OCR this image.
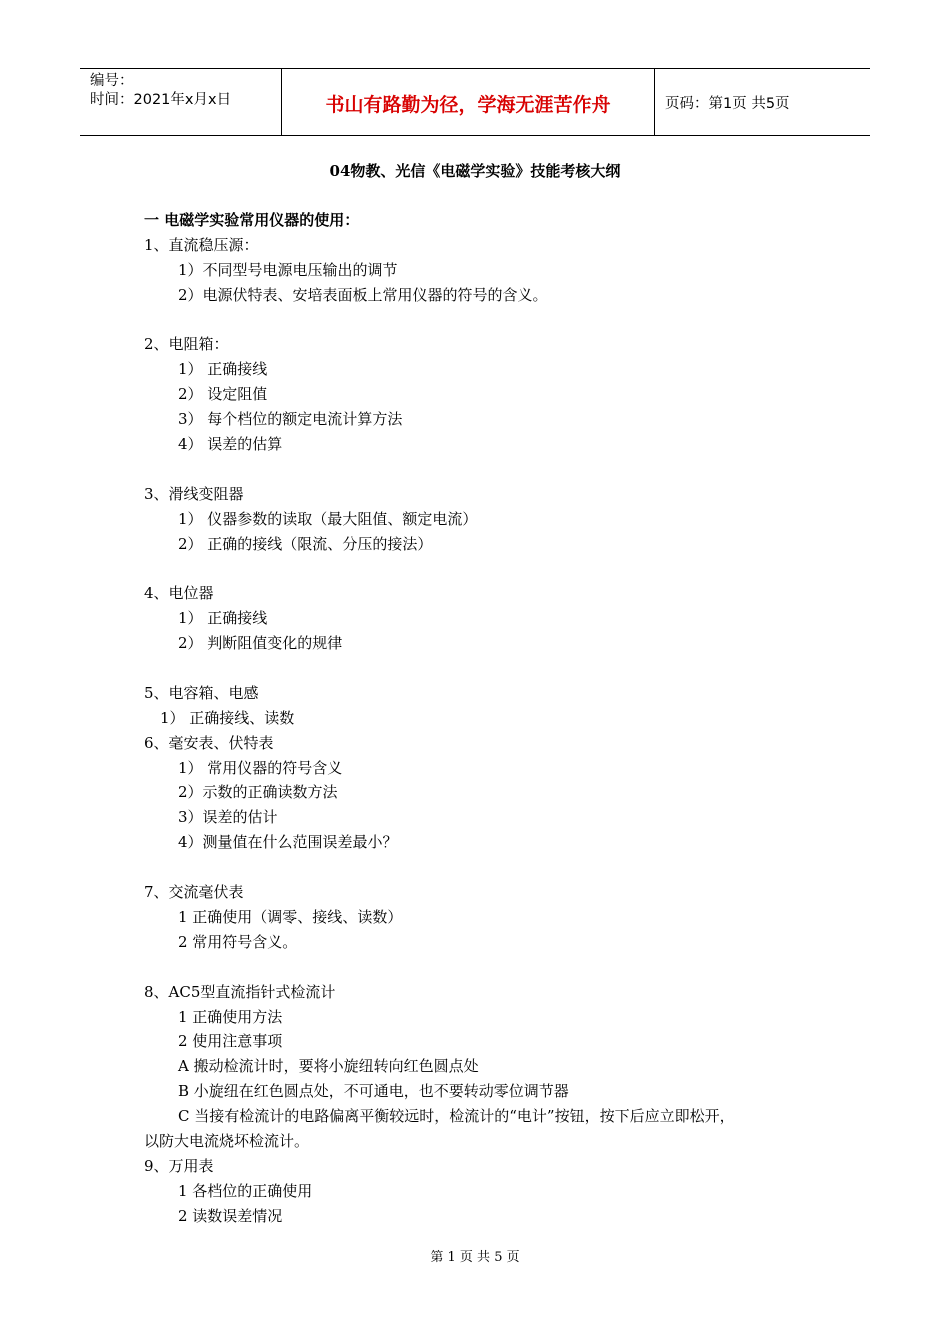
编号：
时间：2021年x月x日	书山有路勤为径，学海无涯苦作舟	页码：第1页 共5页
04物教、光信《电磁学实验》技能考核大纲
一 电磁学实验常用仪器的使用：
1、直流稳压源：
1）不同型号电源电压输出的调节
2）电源伏特表、安培表面板上常用仪器的符号的含义。
2、电阻箱：
1） 正确接线
2） 设定阻值
3） 每个档位的额定电流计算方法
4） 误差的估算
3、滑线变阻器
1） 仪器参数的读取（最大阻值、额定电流）
2） 正确的接线（限流、分压的接法）
4、电位器
1） 正确接线
2） 判断阻值变化的规律
5、电容箱、电感
1） 正确接线、读数
6、毫安表、伏特表
1） 常用仪器的符号含义
2）示数的正确读数方法
3）误差的估计
4）测量值在什么范围误差最小？
7、交流毫伏表
1 正确使用（调零、接线、读数）
2 常用符号含义。
8、AC5型直流指针式检流计
1 正确使用方法
2 使用注意事项
A 搬动检流计时，要将小旋纽转向红色圆点处
B 小旋纽在红色圆点处，不可通电，也不要转动零位调节器
C 当接有检流计的电路偏离平衡较远时，检流计的“电计”按钮，按下后应立即松开，
以防大电流烧坏检流计。
9、万用表
1 各档位的正确使用
2 读数误差情况
第 1 页 共 5 页
